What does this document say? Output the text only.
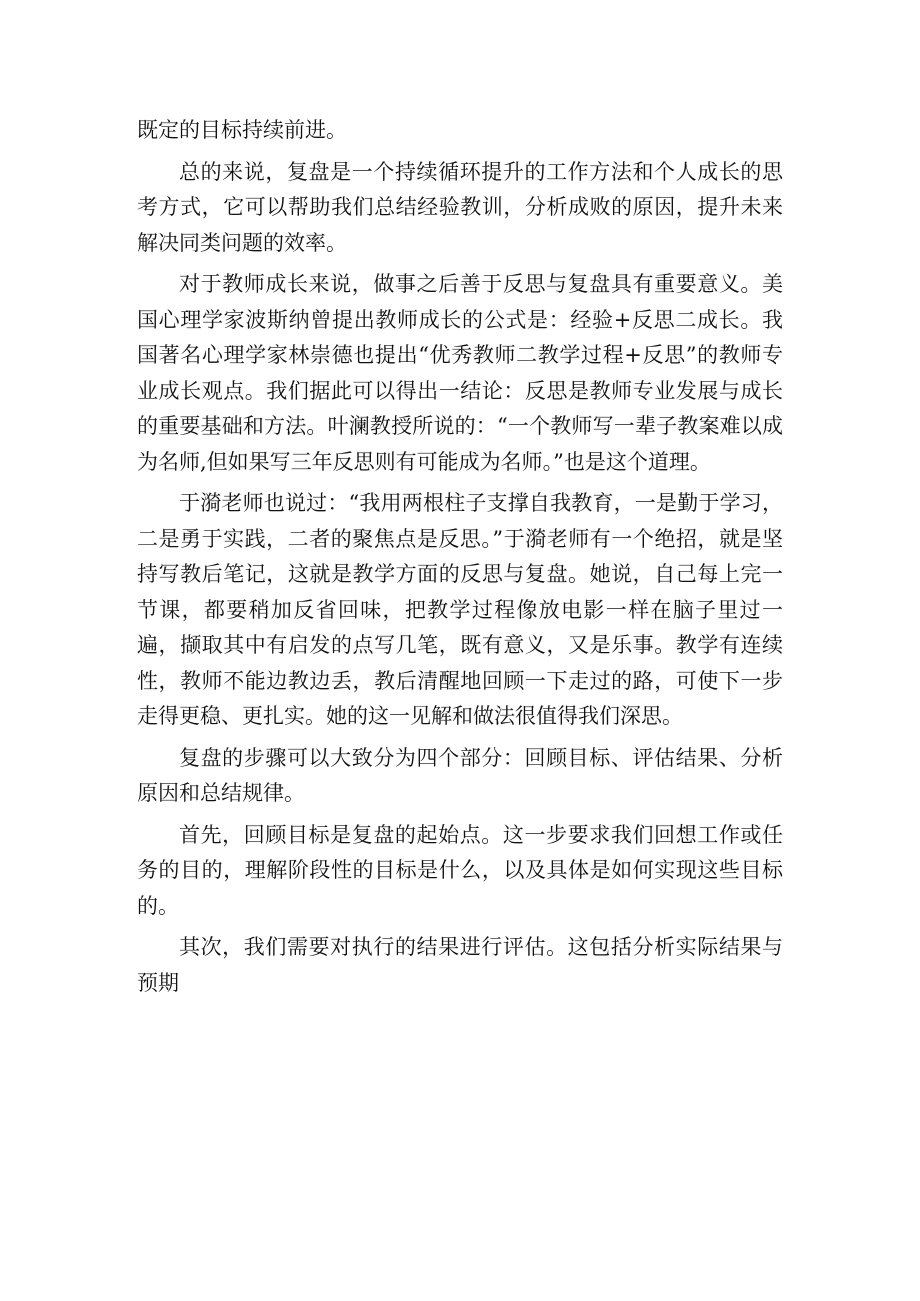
既定的目标持续前进。

总的来说，复盘是一个持续循环提升的工作方法和个人成长的思考方式，它可以帮助我们总结经验教训，分析成败的原因，提升未来解决同类问题的效率。

对于教师成长来说，做事之后善于反思与复盘具有重要意义。美国心理学家波斯纳曾提出教师成长的公式是：经验+反思二成长。我国著名心理学家林崇德也提出“优秀教师二教学过程+反思”的教师专业成长观点。我们据此可以得出一结论：反思是教师专业发展与成长的重要基础和方法。叶澜教授所说的：“一个教师写一辈子教案难以成为名师,但如果写三年反思则有可能成为名师。”也是这个道理。

于漪老师也说过：“我用两根柱子支撑自我教育，一是勤于学习，二是勇于实践，二者的聚焦点是反思。”于漪老师有一个绝招，就是坚持写教后笔记，这就是教学方面的反思与复盘。她说，自己每上完一节课，都要稍加反省回味，把教学过程像放电影一样在脑子里过一遍，撷取其中有启发的点写几笔，既有意义，又是乐事。教学有连续性，教师不能边教边丢，教后清醒地回顾一下走过的路，可使下一步走得更稳、更扎实。她的这一见解和做法很值得我们深思。

复盘的步骤可以大致分为四个部分：回顾目标、评估结果、分析原因和总结规律。

首先，回顾目标是复盘的起始点。这一步要求我们回想工作或任务的目的，理解阶段性的目标是什么，以及具体是如何实现这些目标的。

其次，我们需要对执行的结果进行评估。这包括分析实际结果与预期
